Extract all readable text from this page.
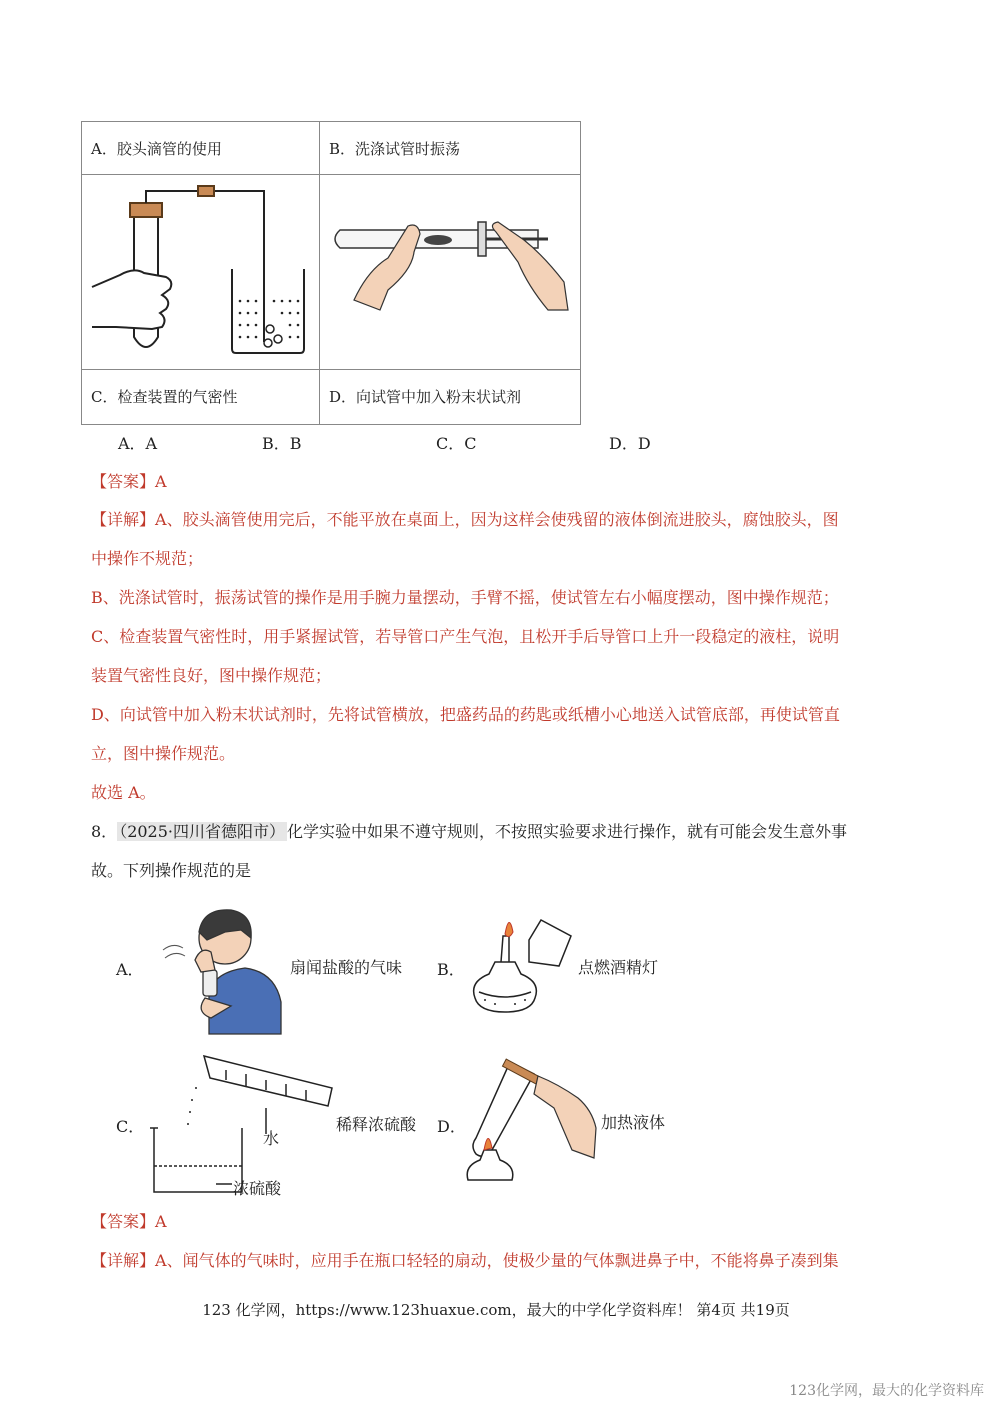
A．胶头滴管的使用	B．洗涤试管时振荡
C．检查装置的气密性	D．向试管中加入粉末状试剂
A．A	B．B	C．C	D．D
【答案】A
【详解】A、胶头滴管使用完后，不能平放在桌面上，因为这样会使残留的液体倒流进胶头，腐蚀胶头，图
中操作不规范；
B、洗涤试管时，振荡试管的操作是用手腕力量摆动，手臂不摇，使试管左右小幅度摆动，图中操作规范；
C、检查装置气密性时，用手紧握试管，若导管口产生气泡，且松开手后导管口上升一段稳定的液柱，说明
装置气密性良好，图中操作规范；
D、向试管中加入粉末状试剂时，先将试管横放，把盛药品的药匙或纸槽小心地送入试管底部，再使试管直
立，图中操作规范。
故选 A。
8． （2025·四川省德阳市） 化学实验中如果不遵守规则，不按照实验要求进行操作，就有可能会发生意外事
故。下列操作规范的是
A．	扇闻盐酸的气味 B．	点燃酒精灯
C．
水
浓硫酸
稀释浓硫酸 D．	加热液体
【答案】A
【详解】A、闻气体的气味时，应用手在瓶口轻轻的扇动，使极少量的气体飘进鼻子中，不能将鼻子凑到集
123 化学网，https://www.123huaxue.com，最大的中学化学资料库！ 第4页 共19页
123化学网，最大的化学资料库
